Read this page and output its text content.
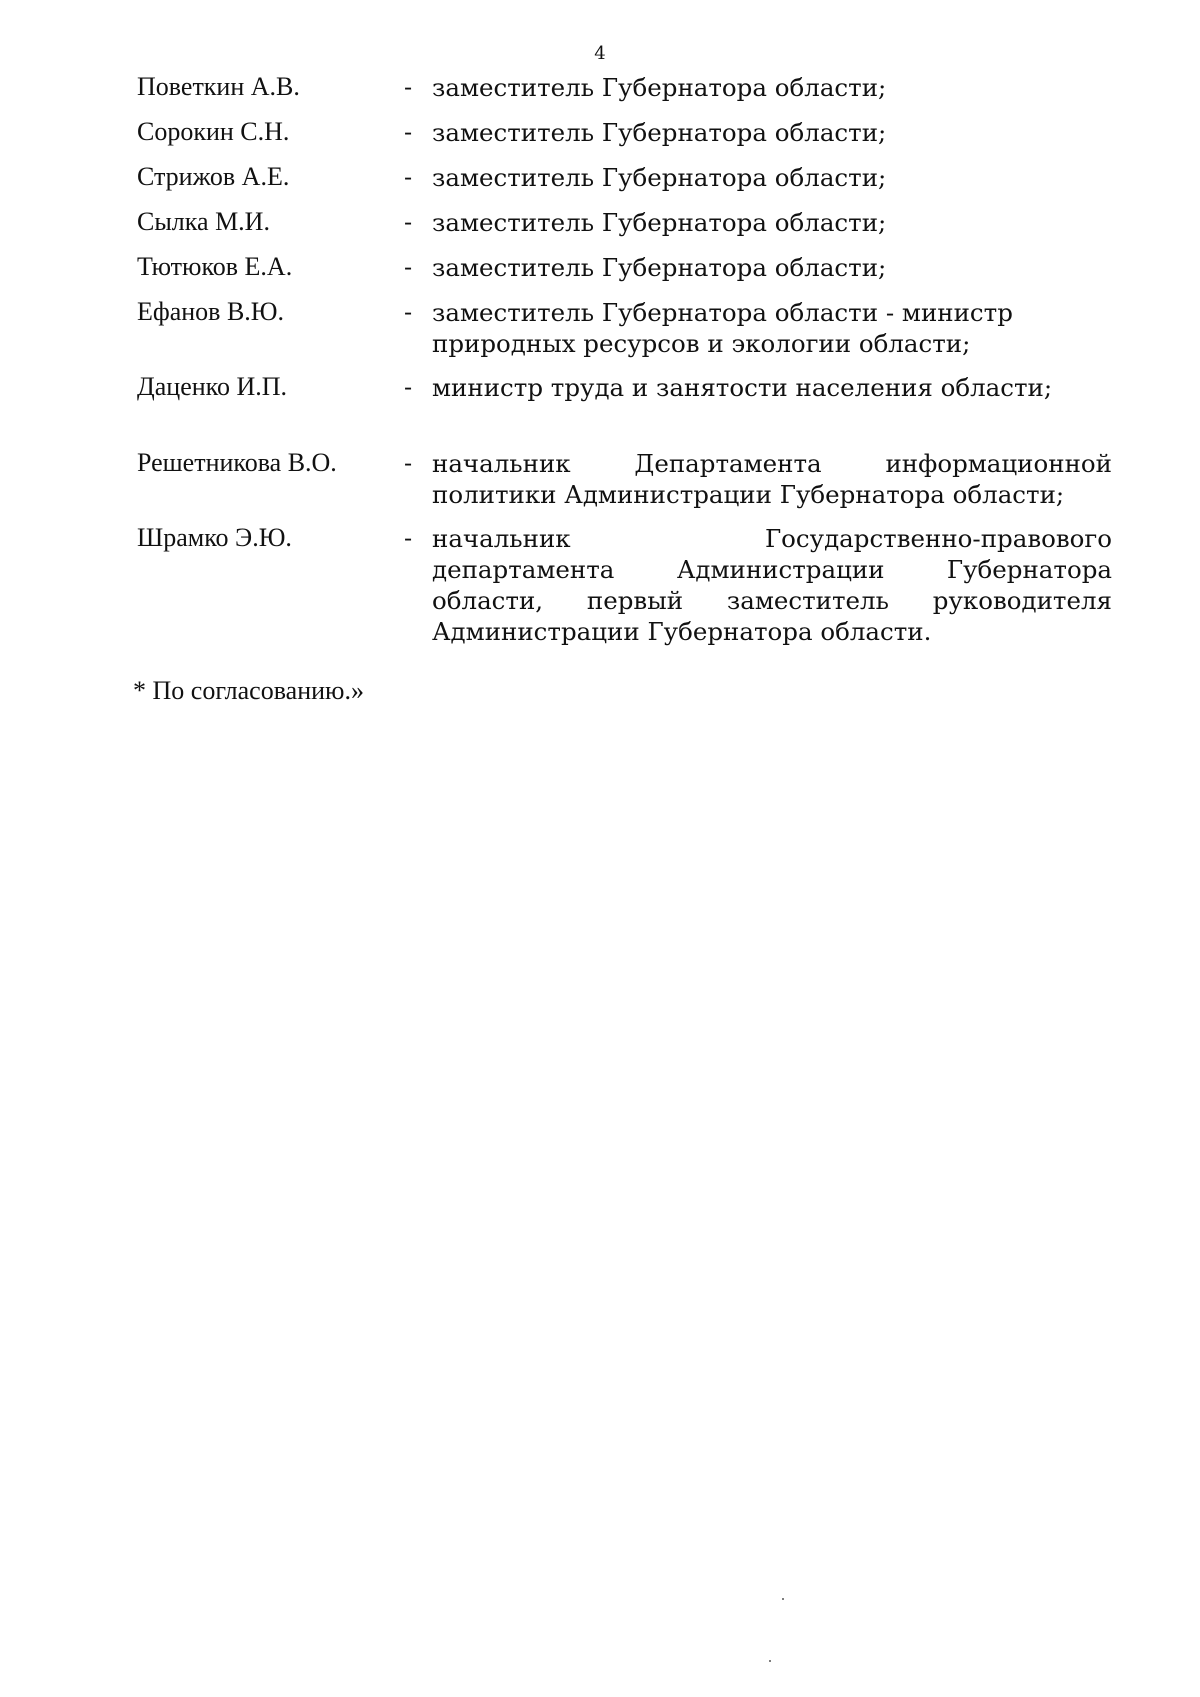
4
Поветкин А.В.	- заместитель Губернатора области;
Сорокин С.Н.	- заместитель Губернатора области;
Стрижов А.Е.	- заместитель Губернатора области;
Сылка М.И.	- заместитель Губернатора области;
Тютюков Е.А.	- заместитель Губернатора области;
Ефанов В.Ю.	- заместитель Губернатора области - министр природных ресурсов и экологии области;
Даценко И.П.	- министр труда и занятости населения области;
Решетникова В.О.	- начальник Департамента информационной политики Администрации Губернатора области;
Шрамко Э.Ю.	- начальник Государственно-правового департамента Администрации Губернатора области, первый заместитель руководителя Администрации Губернатора области.
* По согласованию.»
